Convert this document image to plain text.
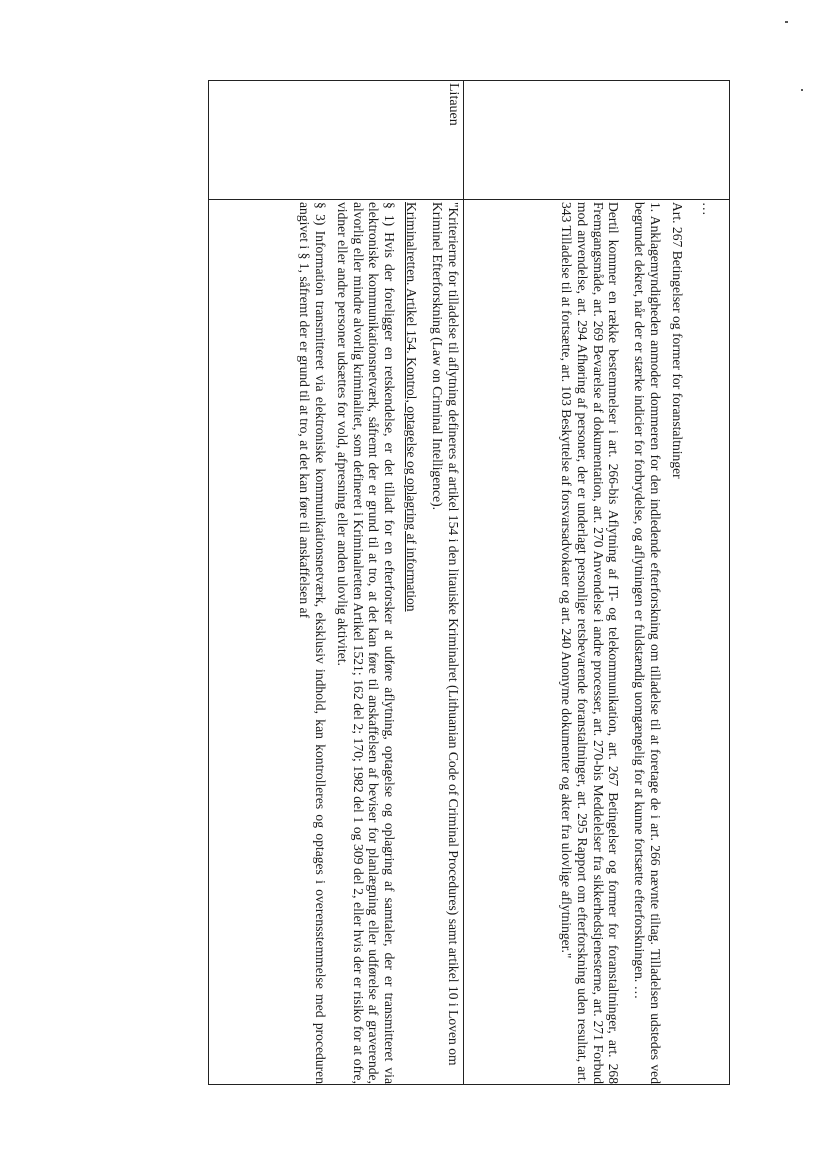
	…
Art. 267 Betingelser og former for foranstaltninger
1. Anklagemyndigheden anmoder dommeren for den indledende efterforskning om tilladelse til at foretage de i art. 266 nævnte tiltag. Tilladelsen udstedes ved begrundet dekret, når der er stærke indicier for forbrydelse, og aflytningen er fuldstændig uomgængelig for at kunne fortsætte efterforskningen. …
Dertil kommer en række bestemmelser i art. 266-bis Aflytning af IT- og telekommunikation, art. 267 Betingelser og former for foranstaltninger, art. 268 Fremgangsmåde, art. 269 Bevarelse af dokumentation, art. 270 Anvendelse i andre processer, art. 270-bis Meddelelser fra sikkerhedstjenesterne, art. 271 Forbud mod anvendelse, art. 294 Afhøring af personer, der er underlagt personlige retsbevarende foranstaltninger, art. 295 Rapport om efterforskning uden resultat, art. 343 Tilladelse til at fortsætte, art. 103 Beskyttelse af forsvarsadvokater og art. 240 Anonyme dokumenter og akter fra ulovlige aflytninger."

Litauen	"Kriterierne for tilladelse til aflytning defineres af artikel 154 i den litauiske Kriminalret (Lithuanian Code of Criminal Procedures) samt artikel 10 i Loven om Kriminel Efterforskning (Law on Criminal Intelligence).
Kriminalretten. Artikel 154. Kontrol, optagelse og oplagring af information
§ 1) Hvis der foreligger en retskendelse, er det tilladt for en efterforsker at udføre aflytning, optagelse og oplagring af samtaler, der er transmitteret via elektroniske kommunikationsnetværk, såfremt der er grund til at tro, at det kan føre til anskaffelsen af beviser for planlægning eller udførelse af graverende, alvorlig eller mindre alvorlig kriminalitet, som defineret i Kriminalretten Artikel 1521; 162 del 2; 170; 1982 del 1 og 309 del 2, eller hvis der er risiko for at ofre, vidner eller andre personer udsættes for vold, afpresning eller anden ulovlig aktivitet.
§ 3) Information transmitteret via elektroniske kommunikationsnetværk, eksklusiv indhold, kan kontrolleres og optages i overensstemmelse med proceduren angivet i § 1, såfremt der er grund til at tro, at det kan føre til anskaffelsen af
